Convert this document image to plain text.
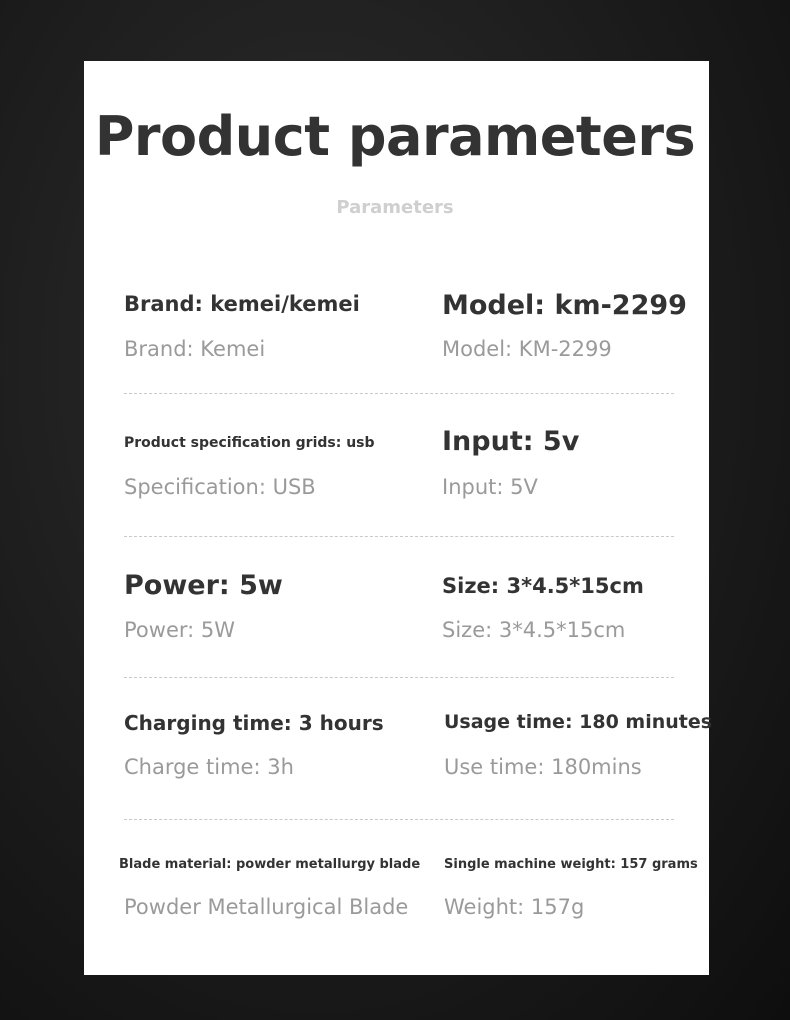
Product parameters
Parameters
Brand: kemei/kemei
Brand: Kemei
Model: km-2299
Model: KM-2299
Product specification grids: usb
Specification: USB
Input: 5v
Input: 5V
Power: 5w
Power: 5W
Size: 3*4.5*15cm
Size: 3*4.5*15cm
Charging time: 3 hours
Charge time: 3h
Usage time: 180 minutes
Use time: 180mins
Blade material: powder metallurgy blade
Powder Metallurgical Blade
Single machine weight: 157 grams
Weight: 157g
